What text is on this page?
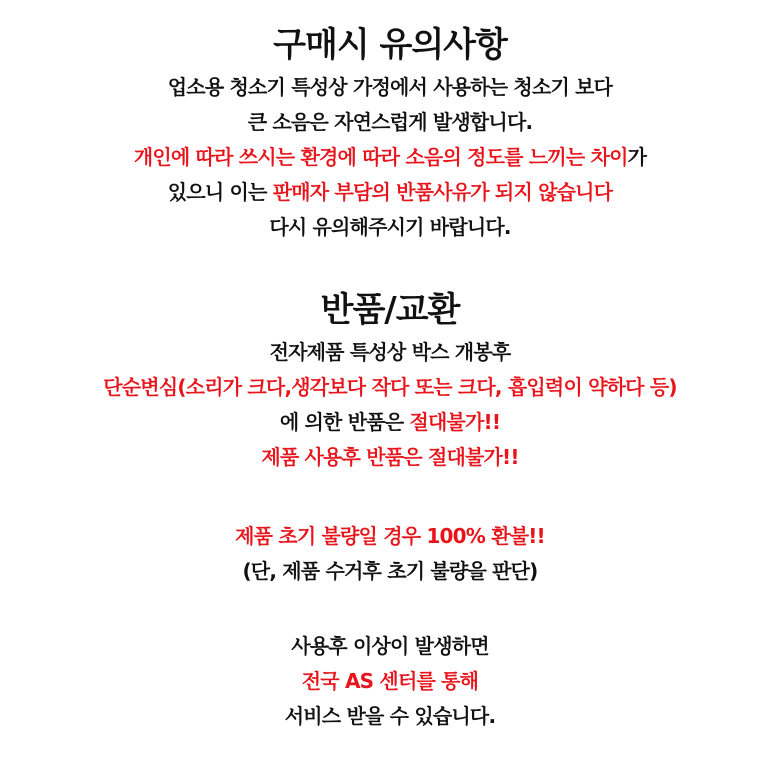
구매시 유의사항

업소용 청소기 특성상 가정에서 사용하는 청소기 보다

큰 소음은 자연스럽게 발생합니다.

개인에 따라 쓰시는 환경에 따라 소음의 정도를 느끼는 차이가

있으니 이는 판매자 부담의 반품사유가 되지 않습니다

다시 유의해주시기 바랍니다.

반품/교환

전자제품 특성상 박스 개봉후

단순변심(소리가 크다,생각보다 작다 또는 크다, 흡입력이 약하다 등)

에 의한 반품은 절대불가!!

제품 사용후 반품은 절대불가!!

제품 초기 불량일 경우 100% 환불!!

(단, 제품 수거후 초기 불량을 판단)

사용후 이상이 발생하면

전국 AS 센터를 통해

서비스 받을 수 있습니다.
